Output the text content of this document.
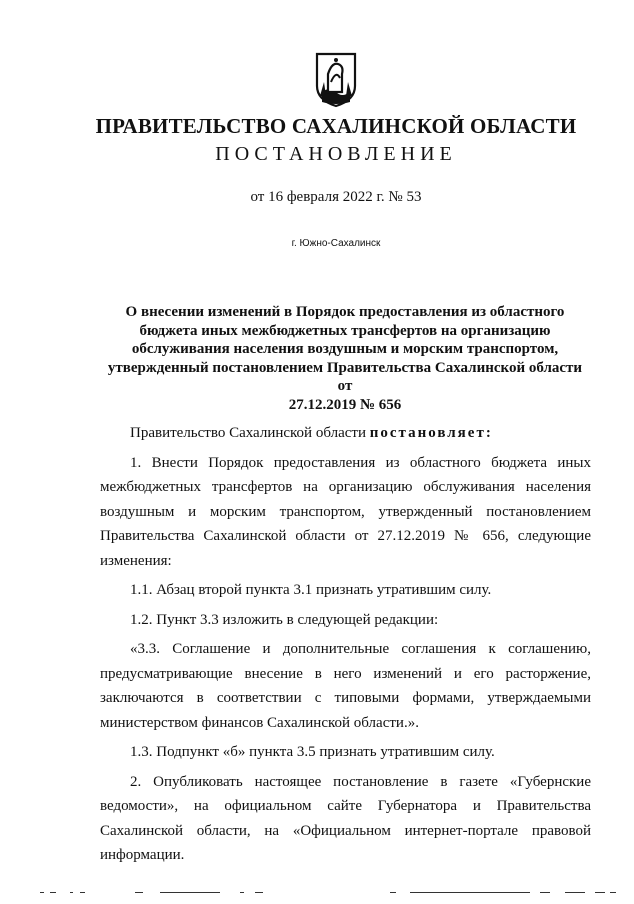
ПРАВИТЕЛЬСТВО САХАЛИНСКОЙ ОБЛАСТИ
ПОСТАНОВЛЕНИЕ
от 16 февраля 2022 г. № 53
г. Южно-Сахалинск
О внесении изменений в Порядок предоставления из областного
бюджета иных межбюджетных трансфертов на организацию
обслуживания населения воздушным и морским транспортом,
утвержденный постановлением Правительства Сахалинской области от
27.12.2019 № 656

Правительство Сахалинской области постановляет:

1. Внести Порядок предоставления из областного бюджета иных межбюджетных трансфертов на организацию обслуживания населения воздушным и морским транспортом, утвержденный постановлением Правительства Сахалинской области от 27.12.2019 № 656, следующие изменения:

1.1. Абзац второй пункта 3.1 признать утратившим силу.

1.2. Пункт 3.3 изложить в следующей редакции:

«3.3. Соглашение и дополнительные соглашения к соглашению, предусматривающие внесение в него изменений и его расторжение, заключаются в соответствии с типовыми формами, утверждаемыми министерством финансов Сахалинской области.».

1.3. Подпункт «б» пункта 3.5 признать утратившим силу.

2. Опубликовать настоящее постановление в газете «Губернские ведомости», на официальном сайте Губернатора и Правительства Сахалинской области, на «Официальном интернет-портале правовой информации.
